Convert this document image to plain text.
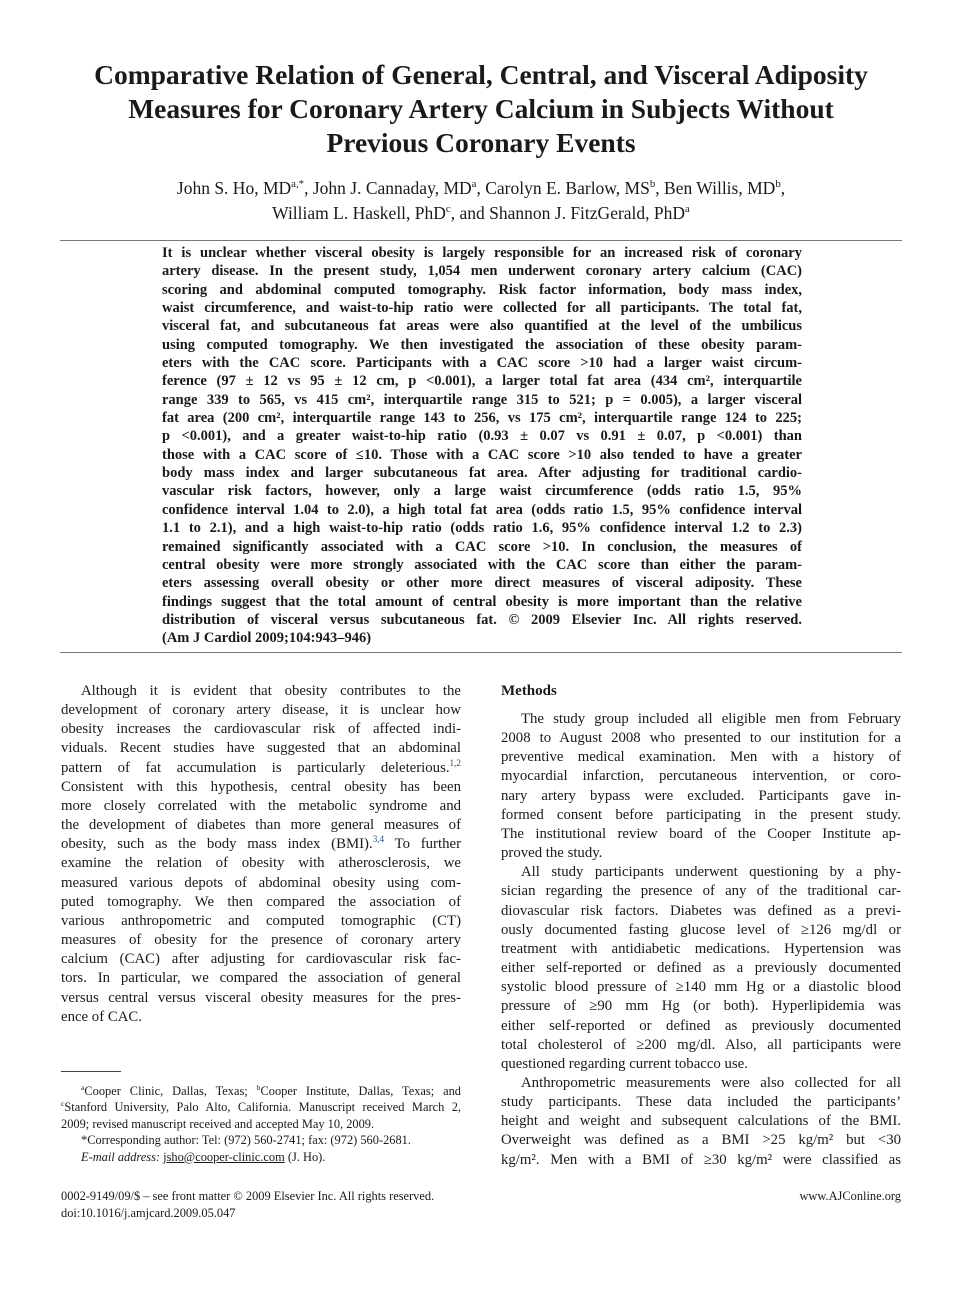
Comparative Relation of General, Central, and Visceral Adiposity
Measures for Coronary Artery Calcium in Subjects Without
Previous Coronary Events
John S. Ho, $MD^{a,*}$, John J. Cannaday, $MD^a$, Carolyn E. Barlow, $MS^b$, Ben Willis, $MD^b$,
William L. Haskell, PhD$^c$, and Shannon J. FitzGerald, PhD$^a$
It is unclear whether visceral obesity is largely responsible for an increased risk of coronary
artery disease. In the present study, 1,054 men underwent coronary artery calcium (CAC)
scoring and abdominal computed tomography. Risk factor information, body mass index,
waist circumference, and waist-to-hip ratio were collected for all participants. The total fat,
visceral fat, and subcutaneous fat areas were also quantified at the level of the umbilicus
using computed tomography. We then investigated the association of these obesity param-
eters with the CAC score. Participants with a CAC score >10 had a larger waist circum-
ference (97 ± 12 vs 95 ± 12 cm, p <0.001), a larger total fat area (434 cm², interquartile
range 339 to 565, vs 415 cm², interquartile range 315 to 521; p = 0.005), a larger visceral
fat area (200 cm², interquartile range 143 to 256, vs 175 cm², interquartile range 124 to 225;
p <0.001), and a greater waist-to-hip ratio (0.93 ± 0.07 vs 0.91 ± 0.07, p <0.001) than
those with a CAC score of ≤10. Those with a CAC score >10 also tended to have a greater
body mass index and larger subcutaneous fat area. After adjusting for traditional cardio-
vascular risk factors, however, only a large waist circumference (odds ratio 1.5, 95%
confidence interval 1.04 to 2.0), a high total fat area (odds ratio 1.5, 95% confidence interval
1.1 to 2.1), and a high waist-to-hip ratio (odds ratio 1.6, 95% confidence interval 1.2 to 2.3)
remained significantly associated with a CAC score >10. In conclusion, the measures of
central obesity were more strongly associated with the CAC score than either the param-
eters assessing overall obesity or other more direct measures of visceral adiposity. These
findings suggest that the total amount of central obesity is more important than the relative
distribution of visceral versus subcutaneous fat. © 2009 Elsevier Inc. All rights reserved.
(Am J Cardiol 2009;104:943–946)
Although it is evident that obesity contributes to the
development of coronary artery disease, it is unclear how
obesity increases the cardiovascular risk of affected indi-
viduals. Recent studies have suggested that an abdominal
pattern of fat accumulation is particularly deleterious.$^{1,2}$
Consistent with this hypothesis, central obesity has been
more closely correlated with the metabolic syndrome and
the development of diabetes than more general measures of
obesity, such as the body mass index (BMI).$^{3,4}$ To further
examine the relation of obesity with atherosclerosis, we
measured various depots of abdominal obesity using com-
puted tomography. We then compared the association of
various anthropometric and computed tomographic (CT)
measures of obesity for the presence of coronary artery
calcium (CAC) after adjusting for cardiovascular risk fac-
tors. In particular, we compared the association of general
versus central versus visceral obesity measures for the pres-
ence of CAC.
$^a$Cooper Clinic, Dallas, Texas; $^b$Cooper Institute, Dallas, Texas; and
$^c$Stanford University, Palo Alto, California. Manuscript received March 2,
2009; revised manuscript received and accepted May 10, 2009.
*Corresponding author: Tel: (972) 560-2741; fax: (972) 560-2681.
E-mail address: jsho@cooper-clinic.com (J. Ho).
Methods
The study group included all eligible men from February
2008 to August 2008 who presented to our institution for a
preventive medical examination. Men with a history of
myocardial infarction, percutaneous intervention, or coro-
nary artery bypass were excluded. Participants gave in-
formed consent before participating in the present study.
The institutional review board of the Cooper Institute ap-
proved the study.
All study participants underwent questioning by a phy-
sician regarding the presence of any of the traditional car-
diovascular risk factors. Diabetes was defined as a previ-
ously documented fasting glucose level of ≥126 mg/dl or
treatment with antidiabetic medications. Hypertension was
either self-reported or defined as a previously documented
systolic blood pressure of ≥140 mm Hg or a diastolic blood
pressure of ≥90 mm Hg (or both). Hyperlipidemia was
either self-reported or defined as previously documented
total cholesterol of ≥200 mg/dl. Also, all participants were
questioned regarding current tobacco use.
Anthropometric measurements were also collected for all
study participants. These data included the participants’
height and weight and subsequent calculations of the BMI.
Overweight was defined as a BMI >25 kg/m² but <30
kg/m². Men with a BMI of ≥30 kg/m² were classified as
0002-9149/09/$ – see front matter © 2009 Elsevier Inc. All rights reserved.
doi:10.1016/j.amjcard.2009.05.047
www.AJConline.org
